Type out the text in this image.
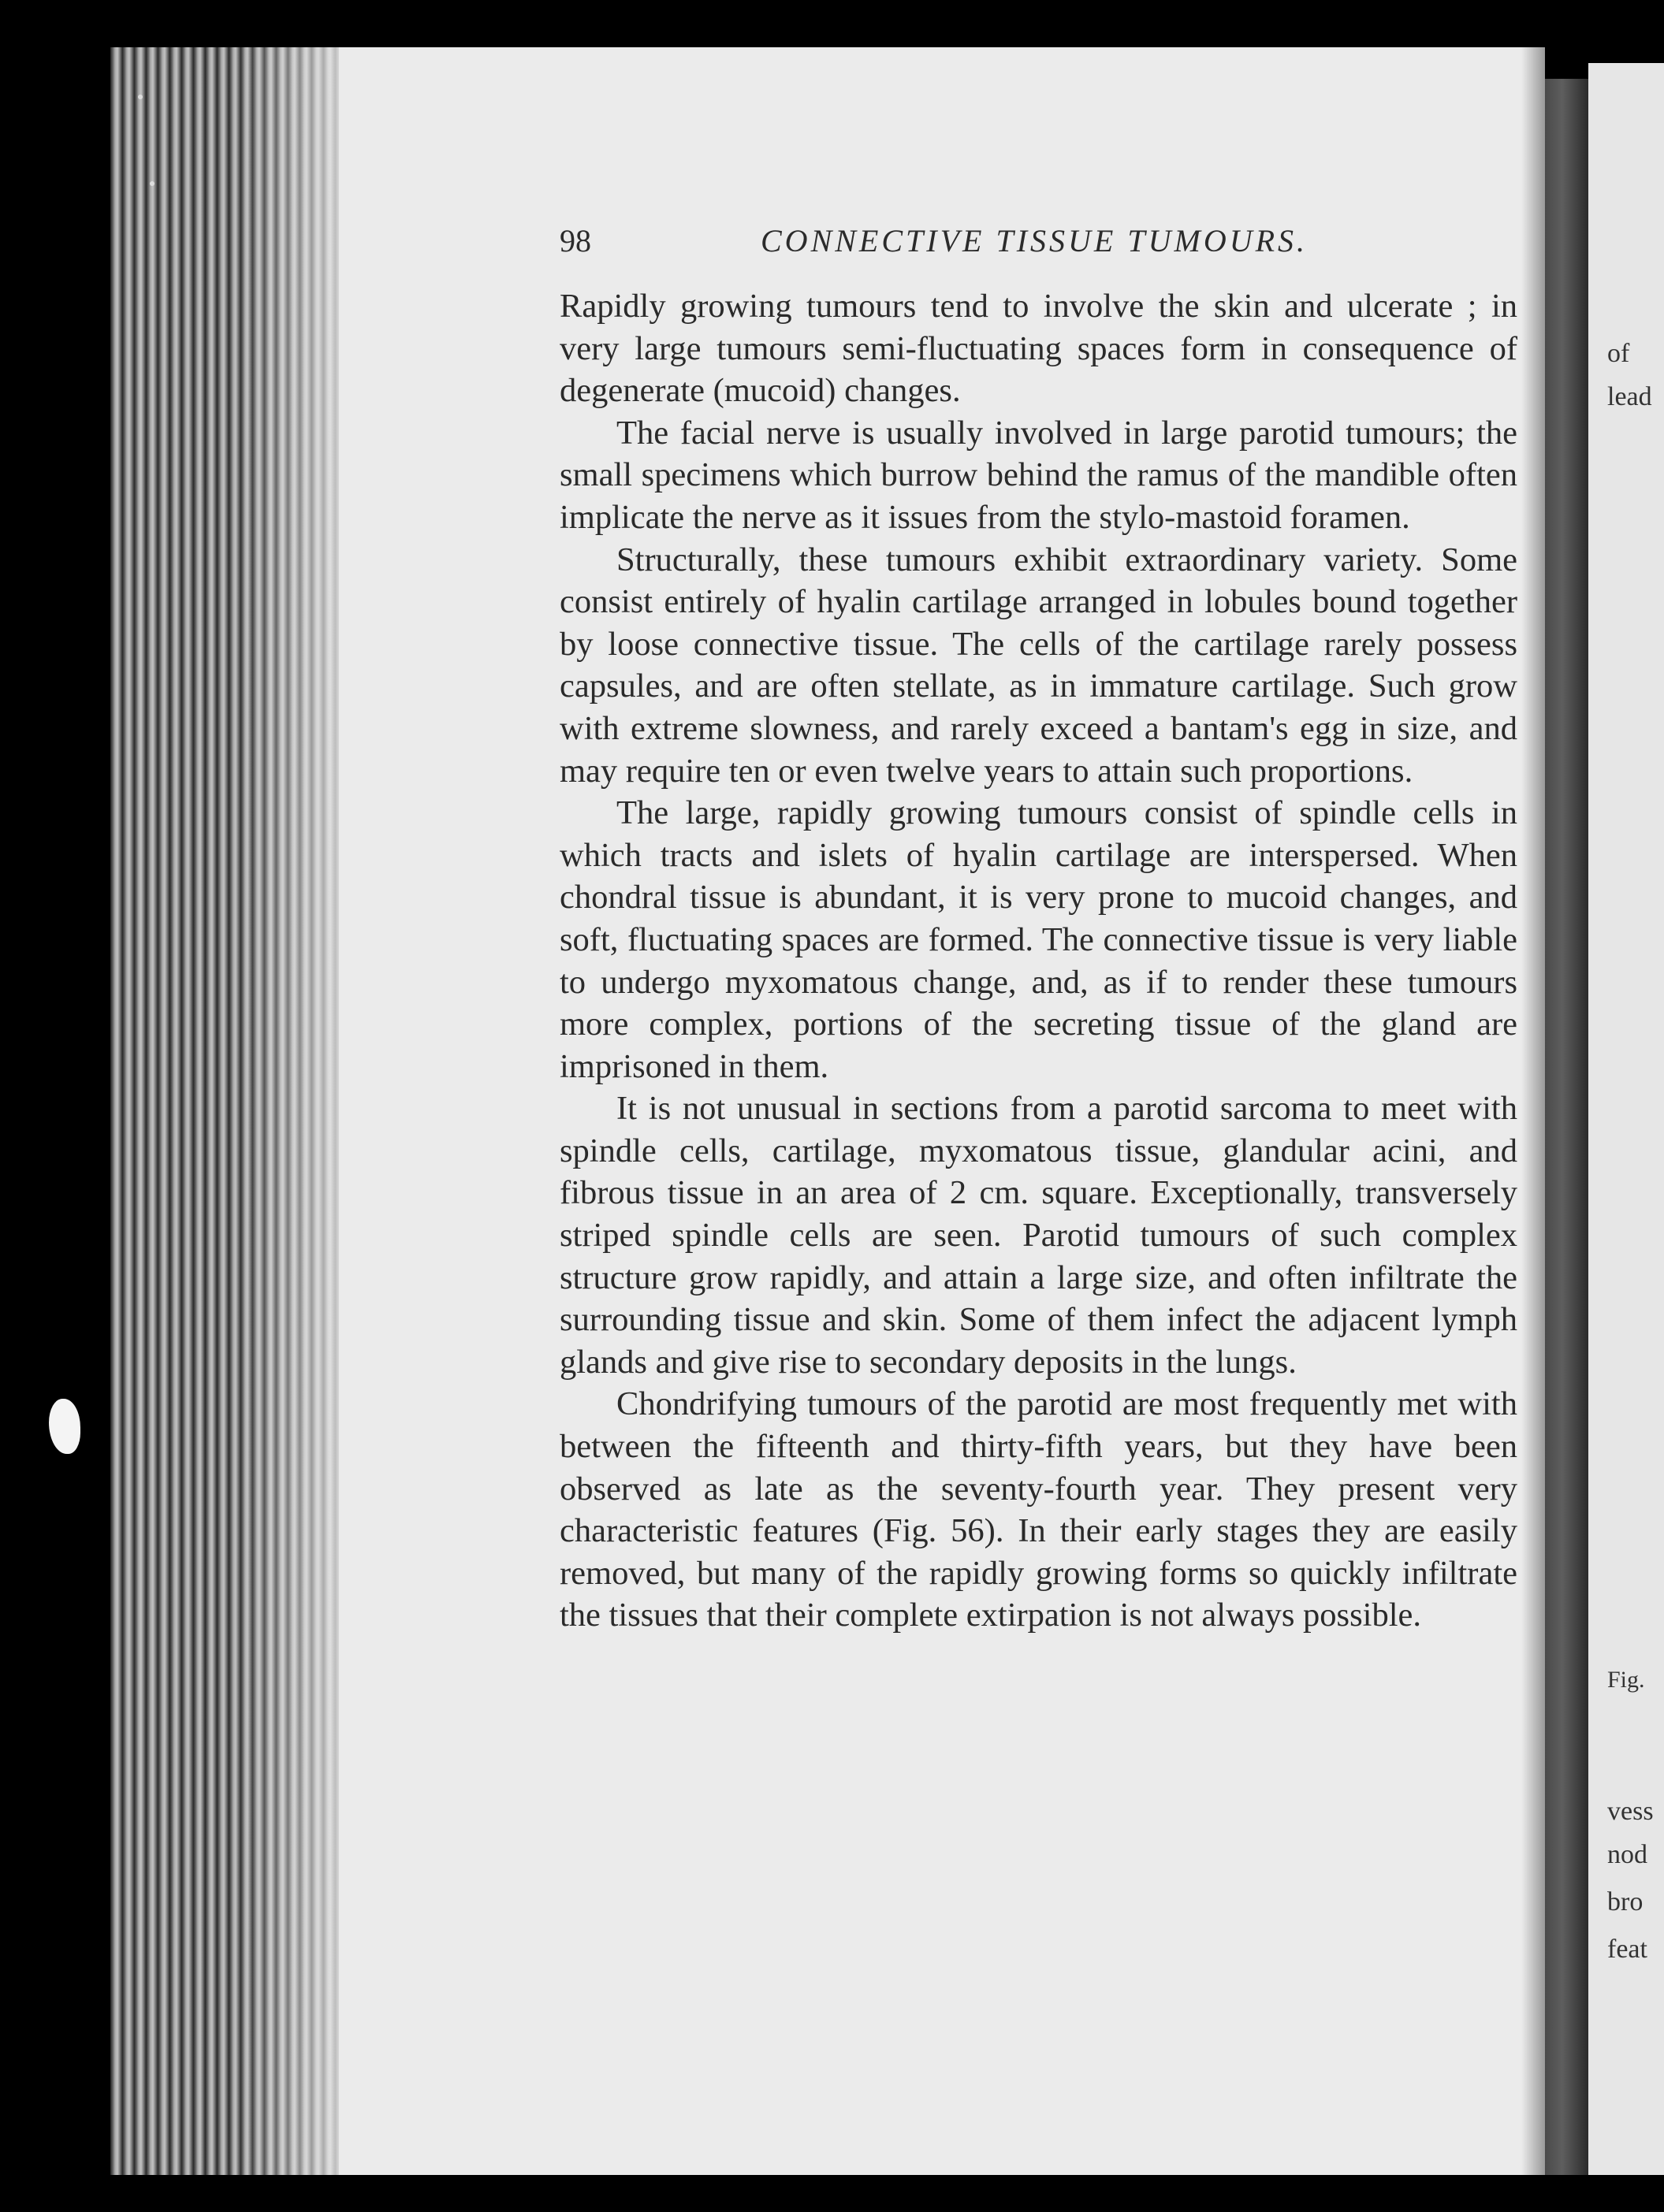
of
lead
Fig.
vess
nod
bro
feat
98	CONNECTIVE TISSUE TUMOURS.

Rapidly growing tumours tend to involve the skin and ulcerate ; in very large tumours semi-fluctuating spaces form in consequence of degenerate (mucoid) changes.

The facial nerve is usually involved in large parotid tumours; the small specimens which burrow behind the ramus of the mandible often implicate the nerve as it issues from the stylo-mastoid foramen.

Structurally, these tumours exhibit extraordinary variety. Some consist entirely of hyalin cartilage arranged in lobules bound together by loose connective tissue. The cells of the cartilage rarely possess capsules, and are often stellate, as in immature cartilage. Such grow with extreme slowness, and rarely exceed a bantam's egg in size, and may require ten or even twelve years to attain such proportions.

The large, rapidly growing tumours consist of spindle cells in which tracts and islets of hyalin cartilage are interspersed. When chondral tissue is abundant, it is very prone to mucoid changes, and soft, fluctuating spaces are formed. The connective tissue is very liable to undergo myxomatous change, and, as if to render these tumours more complex, portions of the secreting tissue of the gland are imprisoned in them.

It is not unusual in sections from a parotid sarcoma to meet with spindle cells, cartilage, myxomatous tissue, glandular acini, and fibrous tissue in an area of 2 cm. square. Exceptionally, transversely striped spindle cells are seen. Parotid tumours of such complex structure grow rapidly, and attain a large size, and often infiltrate the surrounding tissue and skin. Some of them infect the adjacent lymph glands and give rise to secondary deposits in the lungs.

Chondrifying tumours of the parotid are most frequently met with between the fifteenth and thirty-fifth years, but they have been observed as late as the seventy-fourth year. They present very characteristic features (Fig. 56). In their early stages they are easily removed, but many of the rapidly growing forms so quickly infiltrate the tissues that their complete extirpation is not always possible.
